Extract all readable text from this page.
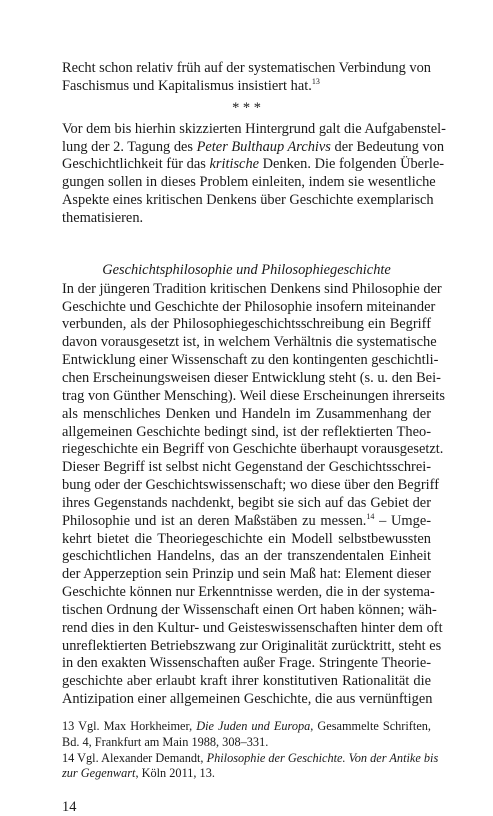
Recht schon relativ früh auf der systematischen Verbindung von
Faschismus und Kapitalismus insistiert hat.$^{13}$
* * *
Vor dem bis hierhin skizzierten Hintergrund galt die Aufgabenstel-
lung der 2. Tagung des Peter Bulthaup Archivs der Bedeutung von
Geschichtlichkeit für das kritische Denken. Die folgenden Überle-
gungen sollen in dieses Problem einleiten, indem sie wesentliche
Aspekte eines kritischen Denkens über Geschichte exemplarisch
thematisieren.
Geschichtsphilosophie und Philosophiegeschichte
In der jüngeren Tradition kritischen Denkens sind Philosophie der
Geschichte und Geschichte der Philosophie insofern miteinander
verbunden, als der Philosophiegeschichtsschreibung ein Begriff
davon vorausgesetzt ist, in welchem Verhältnis die systematische
Entwicklung einer Wissenschaft zu den kontingenten geschichtli-
chen Erscheinungsweisen dieser Entwicklung steht (s. u. den Bei-
trag von Günther Mensching). Weil diese Erscheinungen ihrerseits
als menschliches Denken und Handeln im Zusammenhang der
allgemeinen Geschichte bedingt sind, ist der reflektierten Theo-
riegeschichte ein Begriff von Geschichte überhaupt vorausgesetzt.
Dieser Begriff ist selbst nicht Gegenstand der Geschichtsschrei-
bung oder der Geschichtswissenschaft; wo diese über den Begriff
ihres Gegenstands nachdenkt, begibt sie sich auf das Gebiet der
Philosophie und ist an deren Maßstäben zu messen.$^{14}$ – Umge-
kehrt bietet die Theoriegeschichte ein Modell selbstbewussten
geschichtlichen Handelns, das an der transzendentalen Einheit
der Apperzeption sein Prinzip und sein Maß hat: Element dieser
Geschichte können nur Erkenntnisse werden, die in der systema-
tischen Ordnung der Wissenschaft einen Ort haben können; wäh-
rend dies in den Kultur- und Geisteswissenschaften hinter dem oft
unreflektierten Betriebszwang zur Originalität zurücktritt, steht es
in den exakten Wissenschaften außer Frage. Stringente Theorie-
geschichte aber erlaubt kraft ihrer konstitutiven Rationalität die
Antizipation einer allgemeinen Geschichte, die aus vernünftigen
13 Vgl. Max Horkheimer, Die Juden und Europa, Gesammelte Schriften,
Bd. 4, Frankfurt am Main 1988, 308–331.
14 Vgl. Alexander Demandt, Philosophie der Geschichte. Von der Antike bis
zur Gegenwart, Köln 2011, 13.
14
